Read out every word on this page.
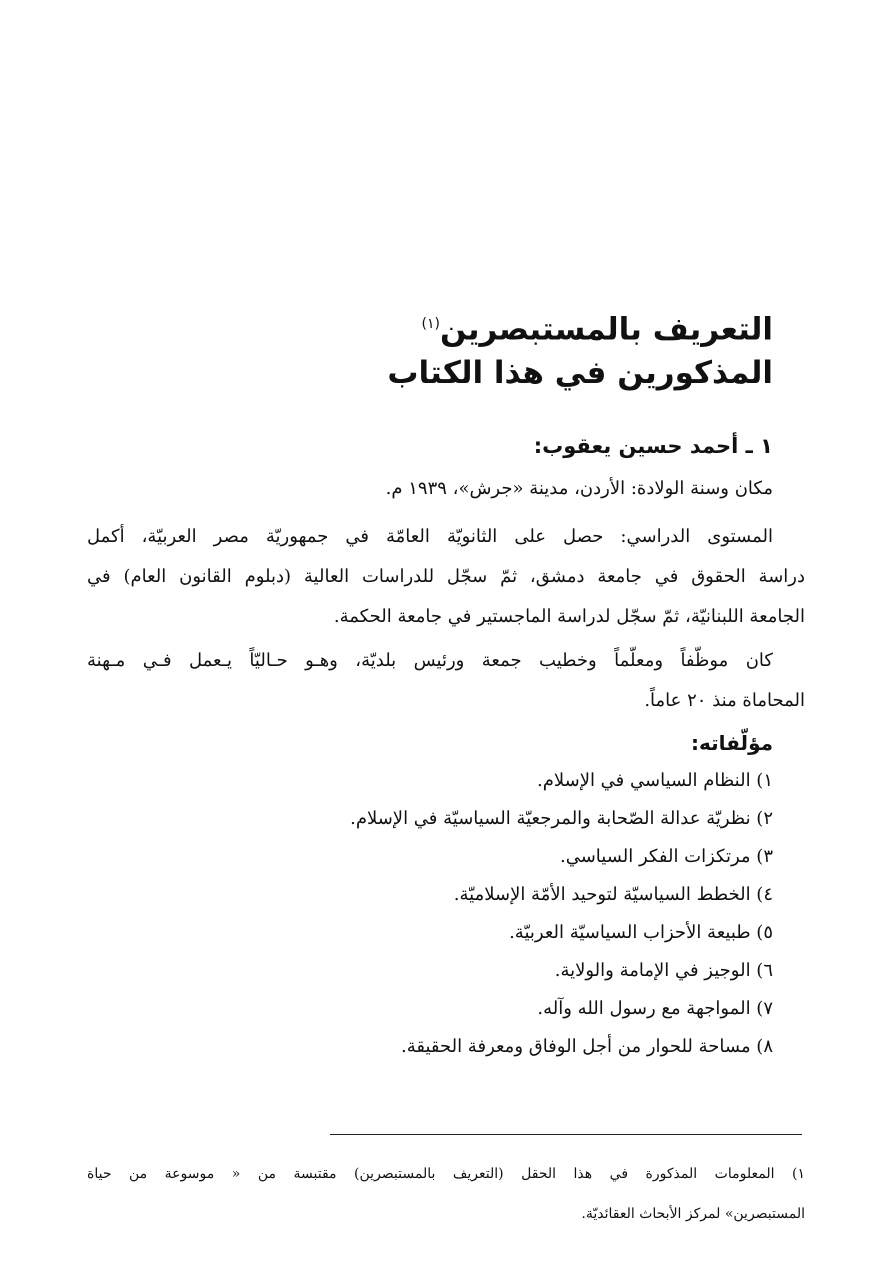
التعريف بالمستبصرين$^{(١)}$
المذكورين في هذا الكتاب
١ ـ أحمد حسين يعقوب:
مكان وسنة الولادة: الأردن، مدينة «جرش»، ١٩٣٩ م.
المستوى الدراسي: حصل على الثانويّة العامّة في جمهوريّة مصر العربيّة، أكمل
دراسة الحقوق في جامعة دمشق، ثمّ سجّل للدراسات العالية (دبلوم القانون العام) في
الجامعة اللبنانيّة، ثمّ سجّل لدراسة الماجستير في جامعة الحكمة.
كان موظّفاً ومعلّماً وخطيب جمعة ورئيس بلديّة، وهـو حـاليّاً يـعمل فـي مـهنة
المحاماة منذ ٢٠ عاماً.
مؤلّفاته:
١) النظام السياسي في الإسلام.
٢) نظريّة عدالة الصّحابة والمرجعيّة السياسيّة في الإسلام.
٣) مرتكزات الفكر السياسي.
٤) الخطط السياسيّة لتوحيد الأمّة الإسلاميّة.
٥) طبيعة الأحزاب السياسيّة العربيّة.
٦) الوجيز في الإمامة والولاية.
٧) المواجهة مع رسول الله وآله.
٨) مساحة للحوار من أجل الوفاق ومعرفة الحقيقة.
١) المعلومات المذكورة في هذا الحقل (التعريف بالمستبصرين) مقتبسة من « موسوعة من حياة
المستبصرين» لمركز الأبحاث العقائديّة.
